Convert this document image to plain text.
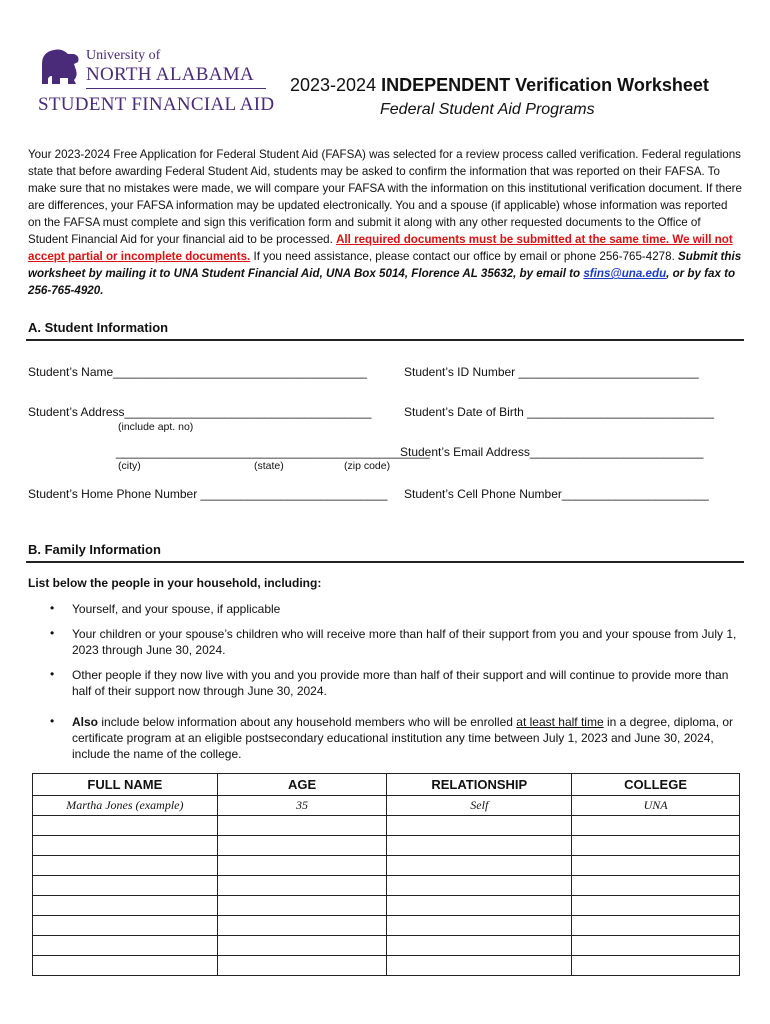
University of
NORTH ALABAMA
STUDENT FINANCIAL AID
2023-2024 INDEPENDENT Verification Worksheet
Federal Student Aid Programs
Your 2023-2024 Free Application for Federal Student Aid (FAFSA) was selected for a review process called verification. Federal regulations state that before awarding Federal Student Aid, students may be asked to confirm the information that was reported on their FAFSA. To make sure that no mistakes were made, we will compare your FAFSA with the information on this institutional verification document. If there are differences, your FAFSA information may be updated electronically. You and a spouse (if applicable) whose information was reported on the FAFSA must complete and sign this verification form and submit it along with any other requested documents to the Office of Student Financial Aid for your financial aid to be processed. All required documents must be submitted at the same time. We will not accept partial or incomplete documents. If you need assistance, please contact our office by email or phone 256-765-4278. Submit this worksheet by mailing it to UNA Student Financial Aid, UNA Box 5014, Florence AL 35632, by email to sfins@una.edu, or by fax to 256-765-4920.
A. Student Information
Student’s Name______________________________________	Student’s ID Number ___________________________
Student’s Address_____________________________________	Student’s Date of Birth ____________________________
(include apt. no)
_______________________________________________
Student’s Email Address__________________________
(city)	(state)	(zip code)
Student’s Home Phone Number ____________________________ Student’s Cell Phone Number______________________
B. Family Information
List below the people in your household, including:
• Yourself, and your spouse, if applicable
• Your children or your spouse’s children who will receive more than half of their support from you and your spouse from July 1, 2023 through June 30, 2024.
• Other people if they now live with you and you provide more than half of their support and will continue to provide more than half of their support now through June 30, 2024.
• Also include below information about any household members who will be enrolled at least half time in a degree, diploma, or certificate program at an eligible postsecondary educational institution any time between July 1, 2023 and June 30, 2024, include the name of the college.
FULL NAME	AGE	RELATIONSHIP	COLLEGE
Martha Jones (example)	35	Self	UNA
